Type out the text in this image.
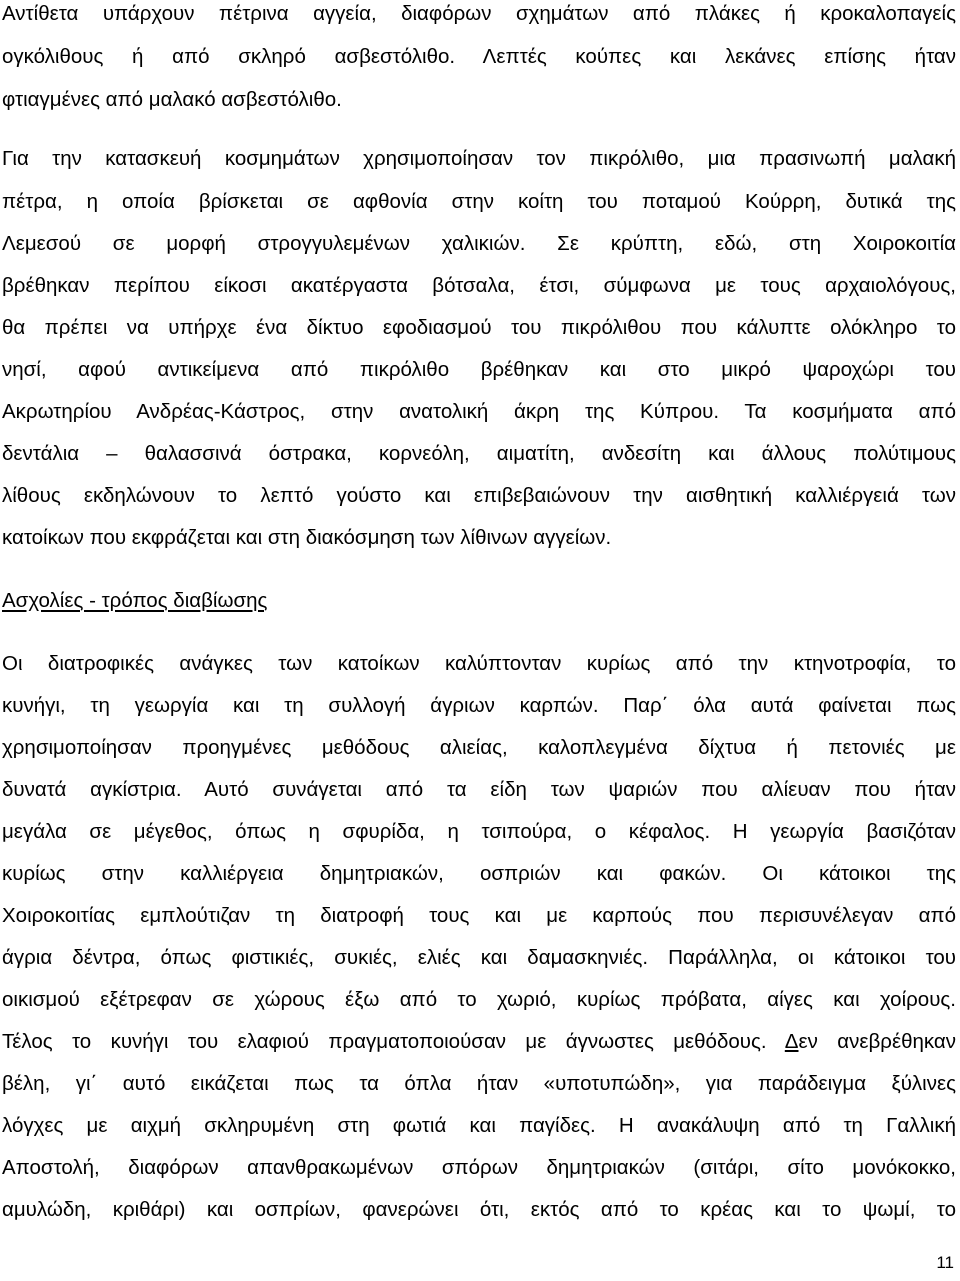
Αντίθετα υπάρχουν πέτρινα αγγεία, διαφόρων σχημάτων από πλάκες ή κροκαλοπαγείς
ογκόλιθους ή από σκληρό ασβεστόλιθο. Λεπτές κούπες και λεκάνες επίσης ήταν
φτιαγμένες από μαλακό ασβεστόλιθο.
Για την κατασκευή κοσμημάτων χρησιμοποίησαν τον πικρόλιθο, μια πρασινωπή μαλακή
πέτρα, η οποία βρίσκεται σε αφθονία στην κοίτη του ποταμού Κούρρη, δυτικά της
Λεμεσού σε μορφή στρογγυλεμένων χαλικιών. Σε κρύπτη, εδώ, στη Χοιροκοιτία
βρέθηκαν περίπου είκοσι ακατέργαστα βότσαλα, έτσι, σύμφωνα με τους αρχαιολόγους,
θα πρέπει να υπήρχε ένα δίκτυο εφοδιασμού του πικρόλιθου που κάλυπτε ολόκληρο το
νησί, αφού αντικείμενα από πικρόλιθο βρέθηκαν και στο μικρό ψαροχώρι του
Ακρωτηρίου Ανδρέας-Κάστρος, στην ανατολική άκρη της Κύπρου. Τα κοσμήματα από
δεντάλια – θαλασσινά όστρακα, κορνεόλη, αιματίτη, ανδεσίτη και άλλους πολύτιμους
λίθους εκδηλώνουν το λεπτό γούστο και επιβεβαιώνουν την αισθητική καλλιέργειά των
κατοίκων που εκφράζεται και στη διακόσμηση των λίθινων αγγείων.
Ασχολίες - τρόπος διαβίωσης
Οι διατροφικές ανάγκες των κατοίκων καλύπτονταν κυρίως από την κτηνοτροφία, το
κυνήγι, τη γεωργία και τη συλλογή άγριων καρπών. Παρ΄ όλα αυτά φαίνεται πως
χρησιμοποίησαν προηγμένες μεθόδους αλιείας, καλοπλεγμένα δίχτυα ή πετονιές με
δυνατά αγκίστρια. Αυτό συνάγεται από τα είδη των ψαριών που αλίευαν που ήταν
μεγάλα σε μέγεθος, όπως η σφυρίδα, η τσιπούρα, ο κέφαλος. Η γεωργία βασιζόταν
κυρίως στην καλλιέργεια δημητριακών, οσπριών και φακών. Οι κάτοικοι της
Χοιροκοιτίας εμπλούτιζαν τη διατροφή τους και με καρπούς που περισυνέλεγαν από
άγρια δέντρα, όπως φιστικιές, συκιές, ελιές και δαμασκηνιές. Παράλληλα, οι κάτοικοι του
οικισμού εξέτρεφαν σε χώρους έξω από το χωριό, κυρίως πρόβατα, αίγες και χοίρους.
Τέλος το κυνήγι του ελαφιού πραγματοποιούσαν με άγνωστες μεθόδους. Δεν ανεβρέθηκαν
βέλη, γι΄ αυτό εικάζεται πως τα όπλα ήταν «υποτυπώδη», για παράδειγμα ξύλινες
λόγχες με αιχμή σκληρυμένη στη φωτιά και παγίδες. Η ανακάλυψη από τη Γαλλική
Αποστολή, διαφόρων απανθρακωμένων σπόρων δημητριακών (σιτάρι, σίτο μονόκοκκο,
αμυλώδη, κριθάρι) και οσπρίων, φανερώνει ότι, εκτός από το κρέας και το ψωμί, το
11
